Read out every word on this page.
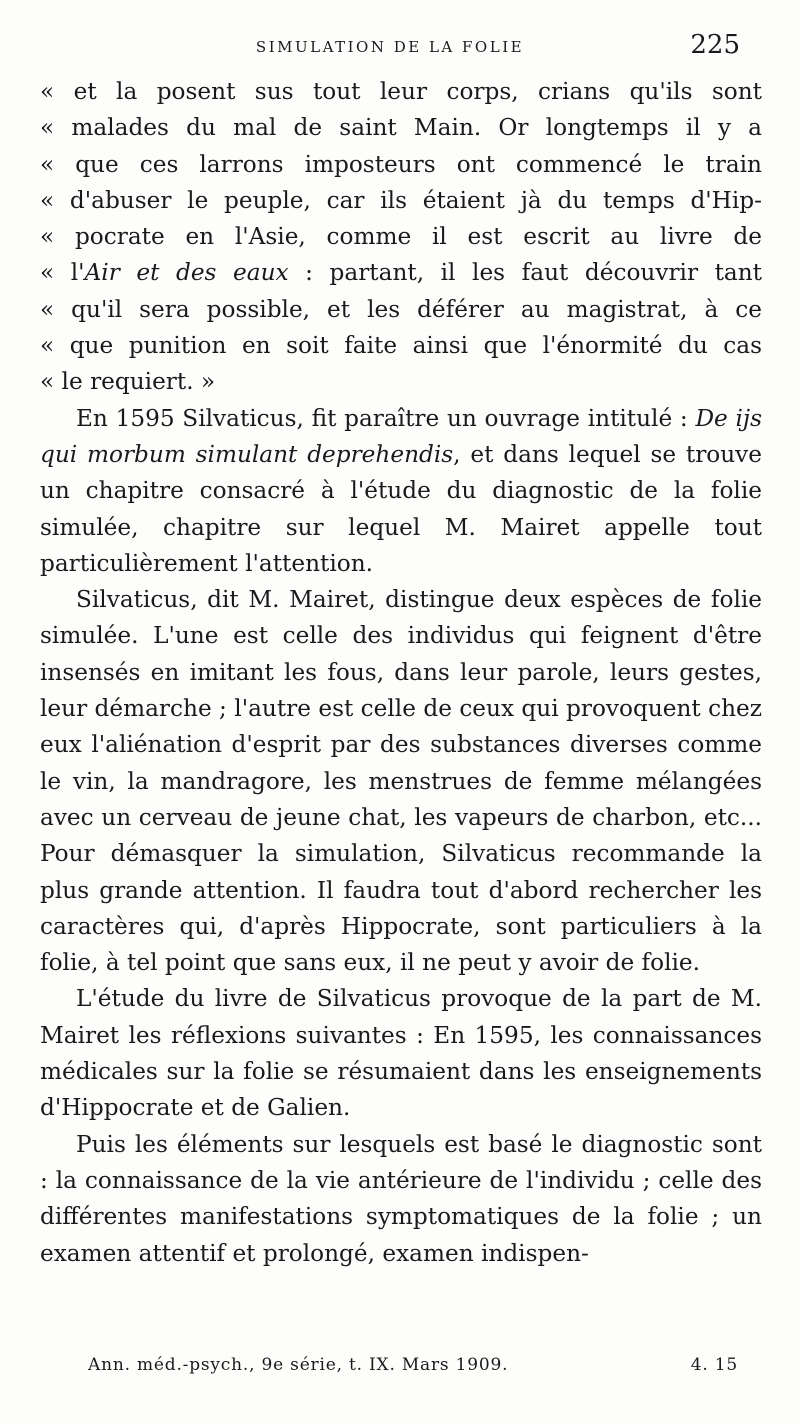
SIMULATION DE LA FOLIE	225
« et la posent sus tout leur corps, crians qu'ils sont
« malades du mal de saint Main. Or longtemps il y a
« que ces larrons imposteurs ont commencé le train
« d'abuser le peuple, car ils étaient jà du temps d'Hip-
« pocrate en l'Asie, comme il est escrit au livre de
« l'Air et des eaux : partant, il les faut découvrir tant
« qu'il sera possible, et les déférer au magistrat, à ce
« que punition en soit faite ainsi que l'énormité du cas
« le requiert. »

En 1595 Silvaticus, fit paraître un ouvrage intitulé : De ijs qui morbum simulant deprehendis, et dans lequel se trouve un chapitre consacré à l'étude du diagnostic de la folie simulée, chapitre sur lequel M. Mairet appelle tout particulièrement l'attention.

Silvaticus, dit M. Mairet, distingue deux espèces de folie simulée. L'une est celle des individus qui feignent d'être insensés en imitant les fous, dans leur parole, leurs gestes, leur démarche ; l'autre est celle de ceux qui provoquent chez eux l'aliénation d'esprit par des substances diverses comme le vin, la mandragore, les menstrues de femme mélangées avec un cerveau de jeune chat, les vapeurs de charbon, etc... Pour démasquer la simulation, Silvaticus recommande la plus grande attention. Il faudra tout d'abord rechercher les caractères qui, d'après Hippocrate, sont particuliers à la folie, à tel point que sans eux, il ne peut y avoir de folie.

L'étude du livre de Silvaticus provoque de la part de M. Mairet les réflexions suivantes : En 1595, les connaissances médicales sur la folie se résumaient dans les enseignements d'Hippocrate et de Galien.

Puis les éléments sur lesquels est basé le diagnostic sont : la connaissance de la vie antérieure de l'individu ; celle des différentes manifestations symptomatiques de la folie ; un examen attentif et prolongé, examen indispen-

Ann. méd.-psych., 9e série, t. IX. Mars 1909.	4. 15
